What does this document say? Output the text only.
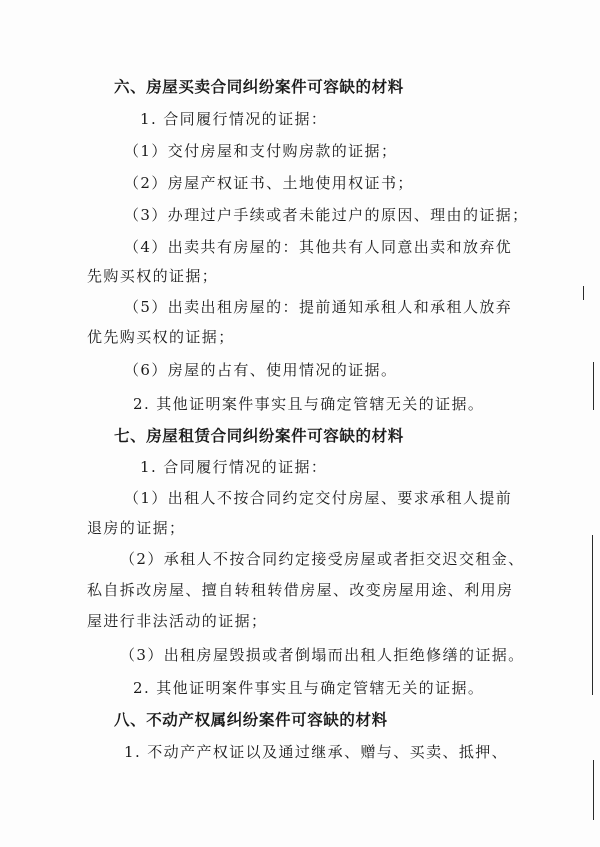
六、房屋买卖合同纠纷案件可容缺的材料
1. 合同履行情况的证据：
（1）交付房屋和支付购房款的证据；
（2）房屋产权证书、土地使用权证书；
（3）办理过户手续或者未能过户的原因、理由的证据；
（4）出卖共有房屋的：其他共有人同意出卖和放弃优
先购买权的证据；
（5）出卖出租房屋的：提前通知承租人和承租人放弃
优先购买权的证据；
（6）房屋的占有、使用情况的证据。
2. 其他证明案件事实且与确定管辖无关的证据。
七、房屋租赁合同纠纷案件可容缺的材料
1. 合同履行情况的证据：
（1）出租人不按合同约定交付房屋、要求承租人提前
退房的证据；
（2）承租人不按合同约定接受房屋或者拒交迟交租金、
私自拆改房屋、擅自转租转借房屋、改变房屋用途、利用房
屋进行非法活动的证据；
（3）出租房屋毁损或者倒塌而出租人拒绝修缮的证据。
2. 其他证明案件事实且与确定管辖无关的证据。
八、不动产权属纠纷案件可容缺的材料
1. 不动产产权证以及通过继承、赠与、买卖、抵押、
